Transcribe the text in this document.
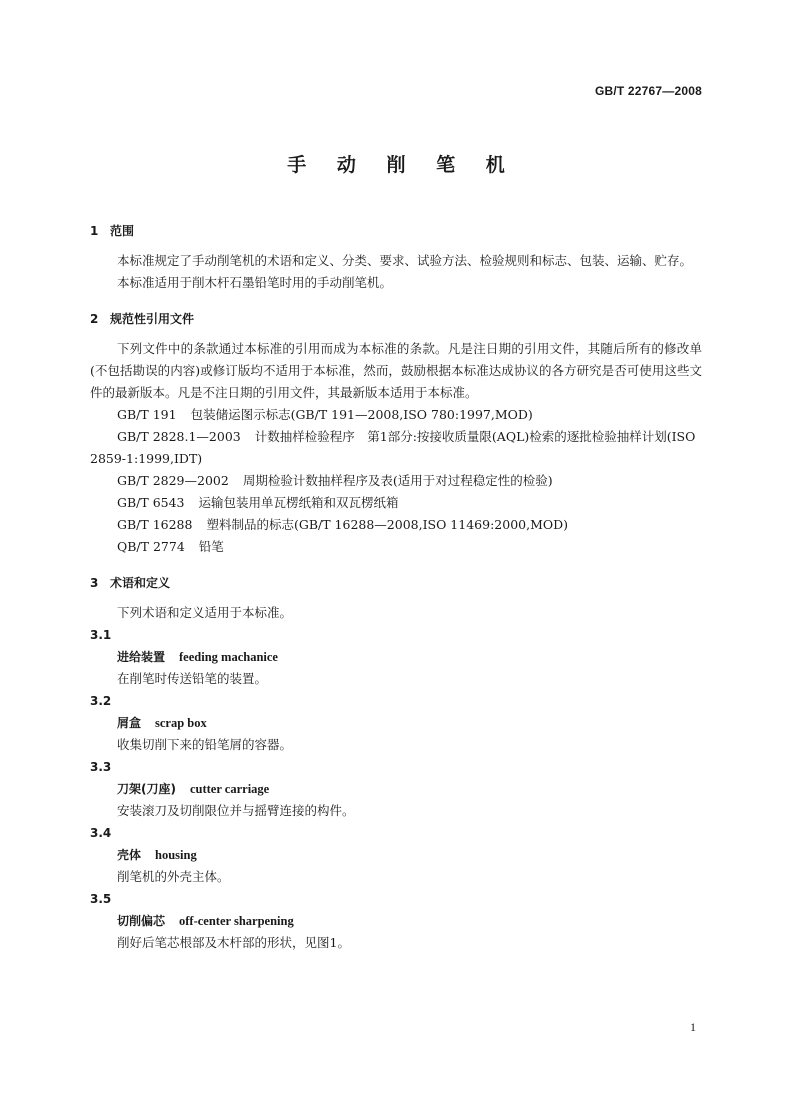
GB/T 22767—2008
手 动 削 笔 机
1 范围

本标准规定了手动削笔机的术语和定义、分类、要求、试验方法、检验规则和标志、包装、运输、贮存。

本标准适用于削木杆石墨铅笔时用的手动削笔机。

2 规范性引用文件

下列文件中的条款通过本标准的引用而成为本标准的条款。凡是注日期的引用文件，其随后所有的修改单(不包括勘误的内容)或修订版均不适用于本标准，然而，鼓励根据本标准达成协议的各方研究是否可使用这些文件的最新版本。凡是不注日期的引用文件，其最新版本适用于本标准。

GB/T 191 包装储运图示标志(GB/T 191—2008,ISO 780:1997,MOD)

GB/T 2828.1—2003 计数抽样检验程序　第1部分:按接收质量限(AQL)检索的逐批检验抽样计划(ISO 2859-1:1999,IDT)

GB/T 2829—2002 周期检验计数抽样程序及表(适用于对过程稳定性的检验)

GB/T 6543 运输包装用单瓦楞纸箱和双瓦楞纸箱

GB/T 16288 塑料制品的标志(GB/T 16288—2008,ISO 11469:2000,MOD)

QB/T 2774 铅笔

3 术语和定义

下列术语和定义适用于本标准。

3.1

进给装置 feeding machanice

在削笔时传送铅笔的装置。

3.2

屑盒 scrap box

收集切削下来的铅笔屑的容器。

3.3

刀架(刀座) cutter carriage

安装滚刀及切削限位并与摇臂连接的构件。

3.4

壳体 housing

削笔机的外壳主体。

3.5

切削偏芯 off-center sharpening

削好后笔芯根部及木杆部的形状，见图1。

1
